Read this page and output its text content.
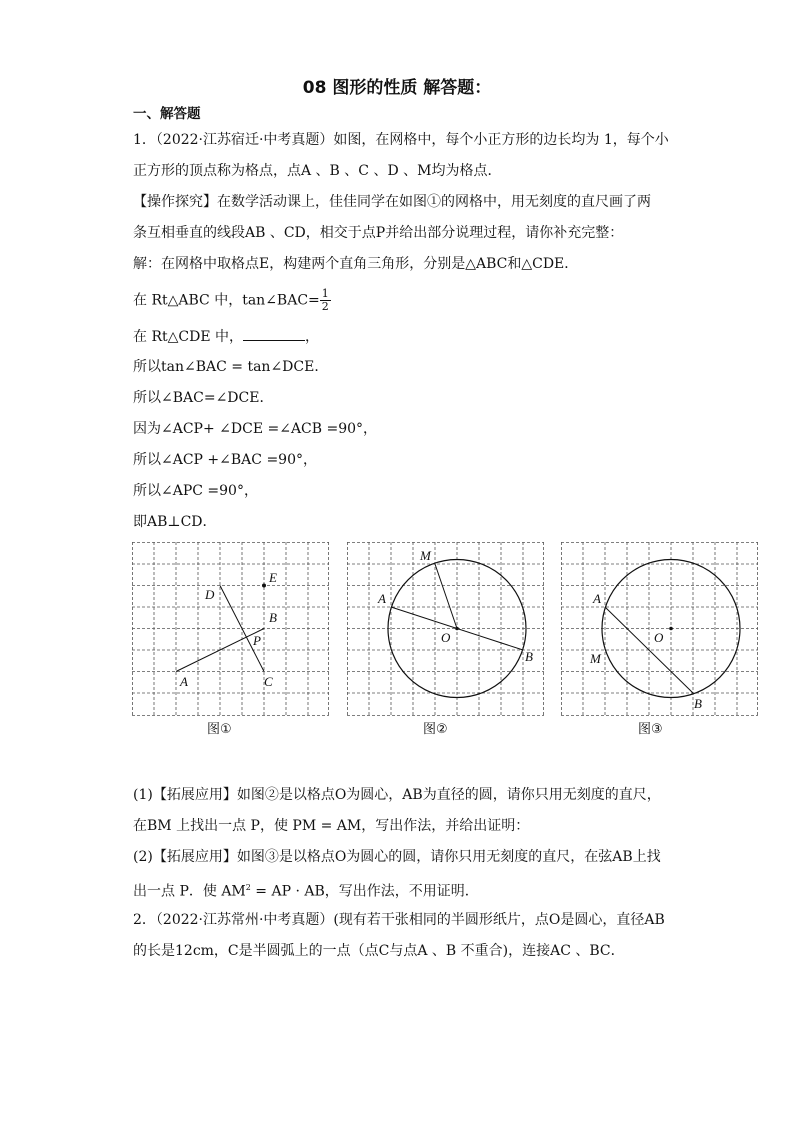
08 图形的性质 解答题：
一、解答题
1．（2022·江苏宿迁·中考真题）如图，在网格中，每个小正方形的边长均为 1，每个小
正方形的顶点称为格点，点A 、B 、C 、D 、M均为格点．
【操作探究】在数学活动课上，佳佳同学在如图①的网格中，用无刻度的直尺画了两
条互相垂直的线段AB 、CD，相交于点P并给出部分说理过程，请你补充完整：
解：在网格中取格点E，构建两个直角三角形，分别是△ABC和△CDE．
在 Rt△ABC 中，tan∠BAC= $\frac{1}{2}$
在 Rt△CDE 中，	，
所以tan∠BAC = tan∠DCE．
所以∠BAC=∠DCE．
因为∠ACP+ ∠DCE =∠ACB =90°，
所以∠ACP +∠BAC =90°，
所以∠APC =90°，
即AB⊥CD．
E
D
B
P
A	C
M
A
O
B
A
O
M
B
图①	图②	图③
(1)【拓展应用】如图②是以格点O为圆心，AB为直径的圆，请你只用无刻度的直尺，
在BM 上找出一点 P，使 PM = AM，写出作法，并给出证明：
(2)【拓展应用】如图③是以格点O为圆心的圆，请你只用无刻度的直尺，在弦AB上找
出一点 P．使 $AM^2$ = AP · AB，写出作法，不用证明．
2．（2022·江苏常州·中考真题）(现有若干张相同的半圆形纸片，点O是圆心，直径AB
的长是12cm，C是半圆弧上的一点（点C与点A 、B 不重合)，连接AC 、BC．
